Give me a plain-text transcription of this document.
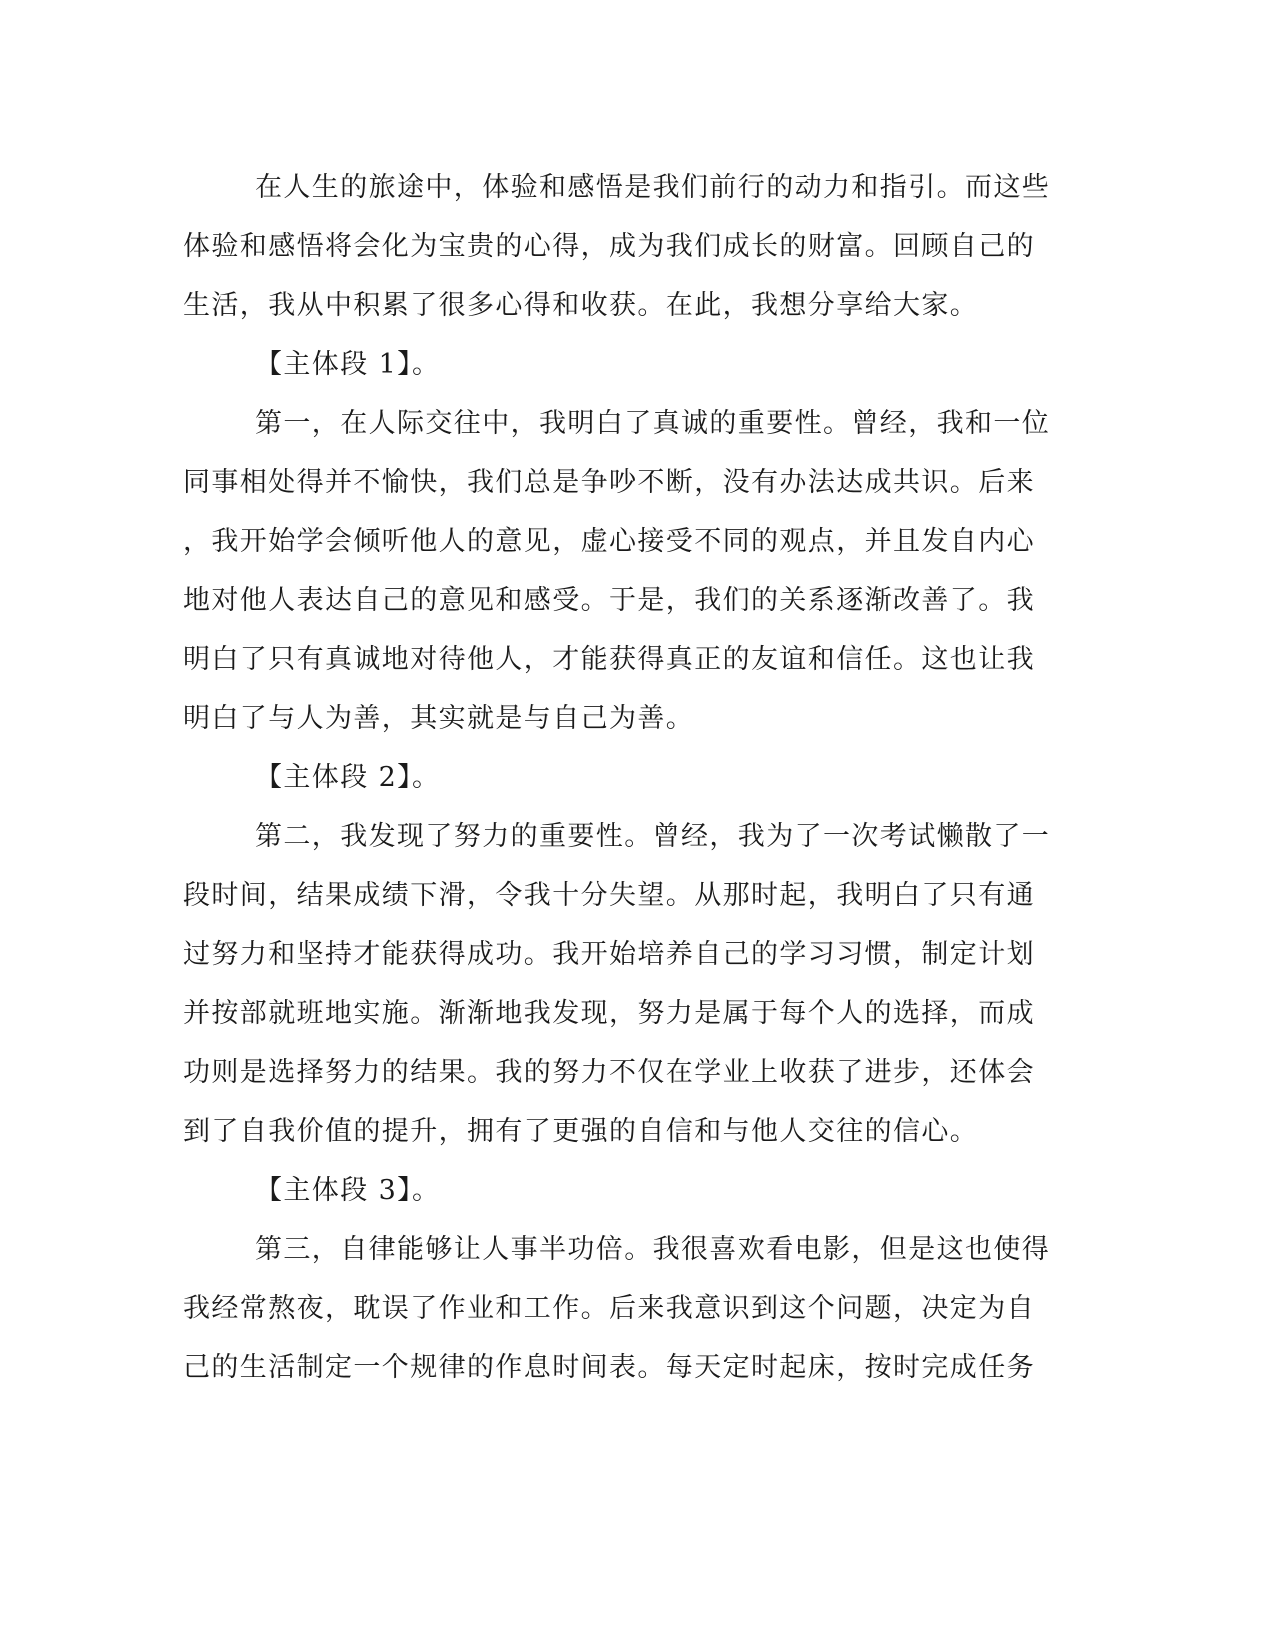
在人生的旅途中，体验和感悟是我们前行的动力和指引。而这些
体验和感悟将会化为宝贵的心得，成为我们成长的财富。回顾自己的
生活，我从中积累了很多心得和收获。在此，我想分享给大家。
【主体段 1】。
第一，在人际交往中，我明白了真诚的重要性。曾经，我和一位
同事相处得并不愉快，我们总是争吵不断，没有办法达成共识。后来
，我开始学会倾听他人的意见，虚心接受不同的观点，并且发自内心
地对他人表达自己的意见和感受。于是，我们的关系逐渐改善了。我
明白了只有真诚地对待他人，才能获得真正的友谊和信任。这也让我
明白了与人为善，其实就是与自己为善。
【主体段 2】。
第二，我发现了努力的重要性。曾经，我为了一次考试懒散了一
段时间，结果成绩下滑，令我十分失望。从那时起，我明白了只有通
过努力和坚持才能获得成功。我开始培养自己的学习习惯，制定计划
并按部就班地实施。渐渐地我发现，努力是属于每个人的选择，而成
功则是选择努力的结果。我的努力不仅在学业上收获了进步，还体会
到了自我价值的提升，拥有了更强的自信和与他人交往的信心。
【主体段 3】。
第三，自律能够让人事半功倍。我很喜欢看电影，但是这也使得
我经常熬夜，耽误了作业和工作。后来我意识到这个问题，决定为自
己的生活制定一个规律的作息时间表。每天定时起床，按时完成任务
